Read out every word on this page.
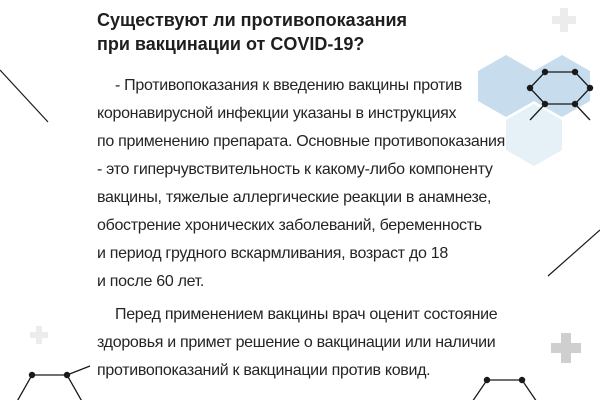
Существуют ли противопоказания
при вакцинации от COVID-19?

- Противопоказания к введению вакцины против
коронавирусной инфекции указаны в инструкциях
по применению препарата. Основные противопоказания
- это гиперчувствительность к какому-либо компоненту
вакцины, тяжелые аллергические реакции в анамнезе,
обострение хронических заболеваний, беременность
и период грудного вскармливания, возраст до 18
и после 60 лет.

Перед применением вакцины врач оценит состояние
здоровья и примет решение о вакцинации или наличии
противопоказаний к вакцинации против ковид.
